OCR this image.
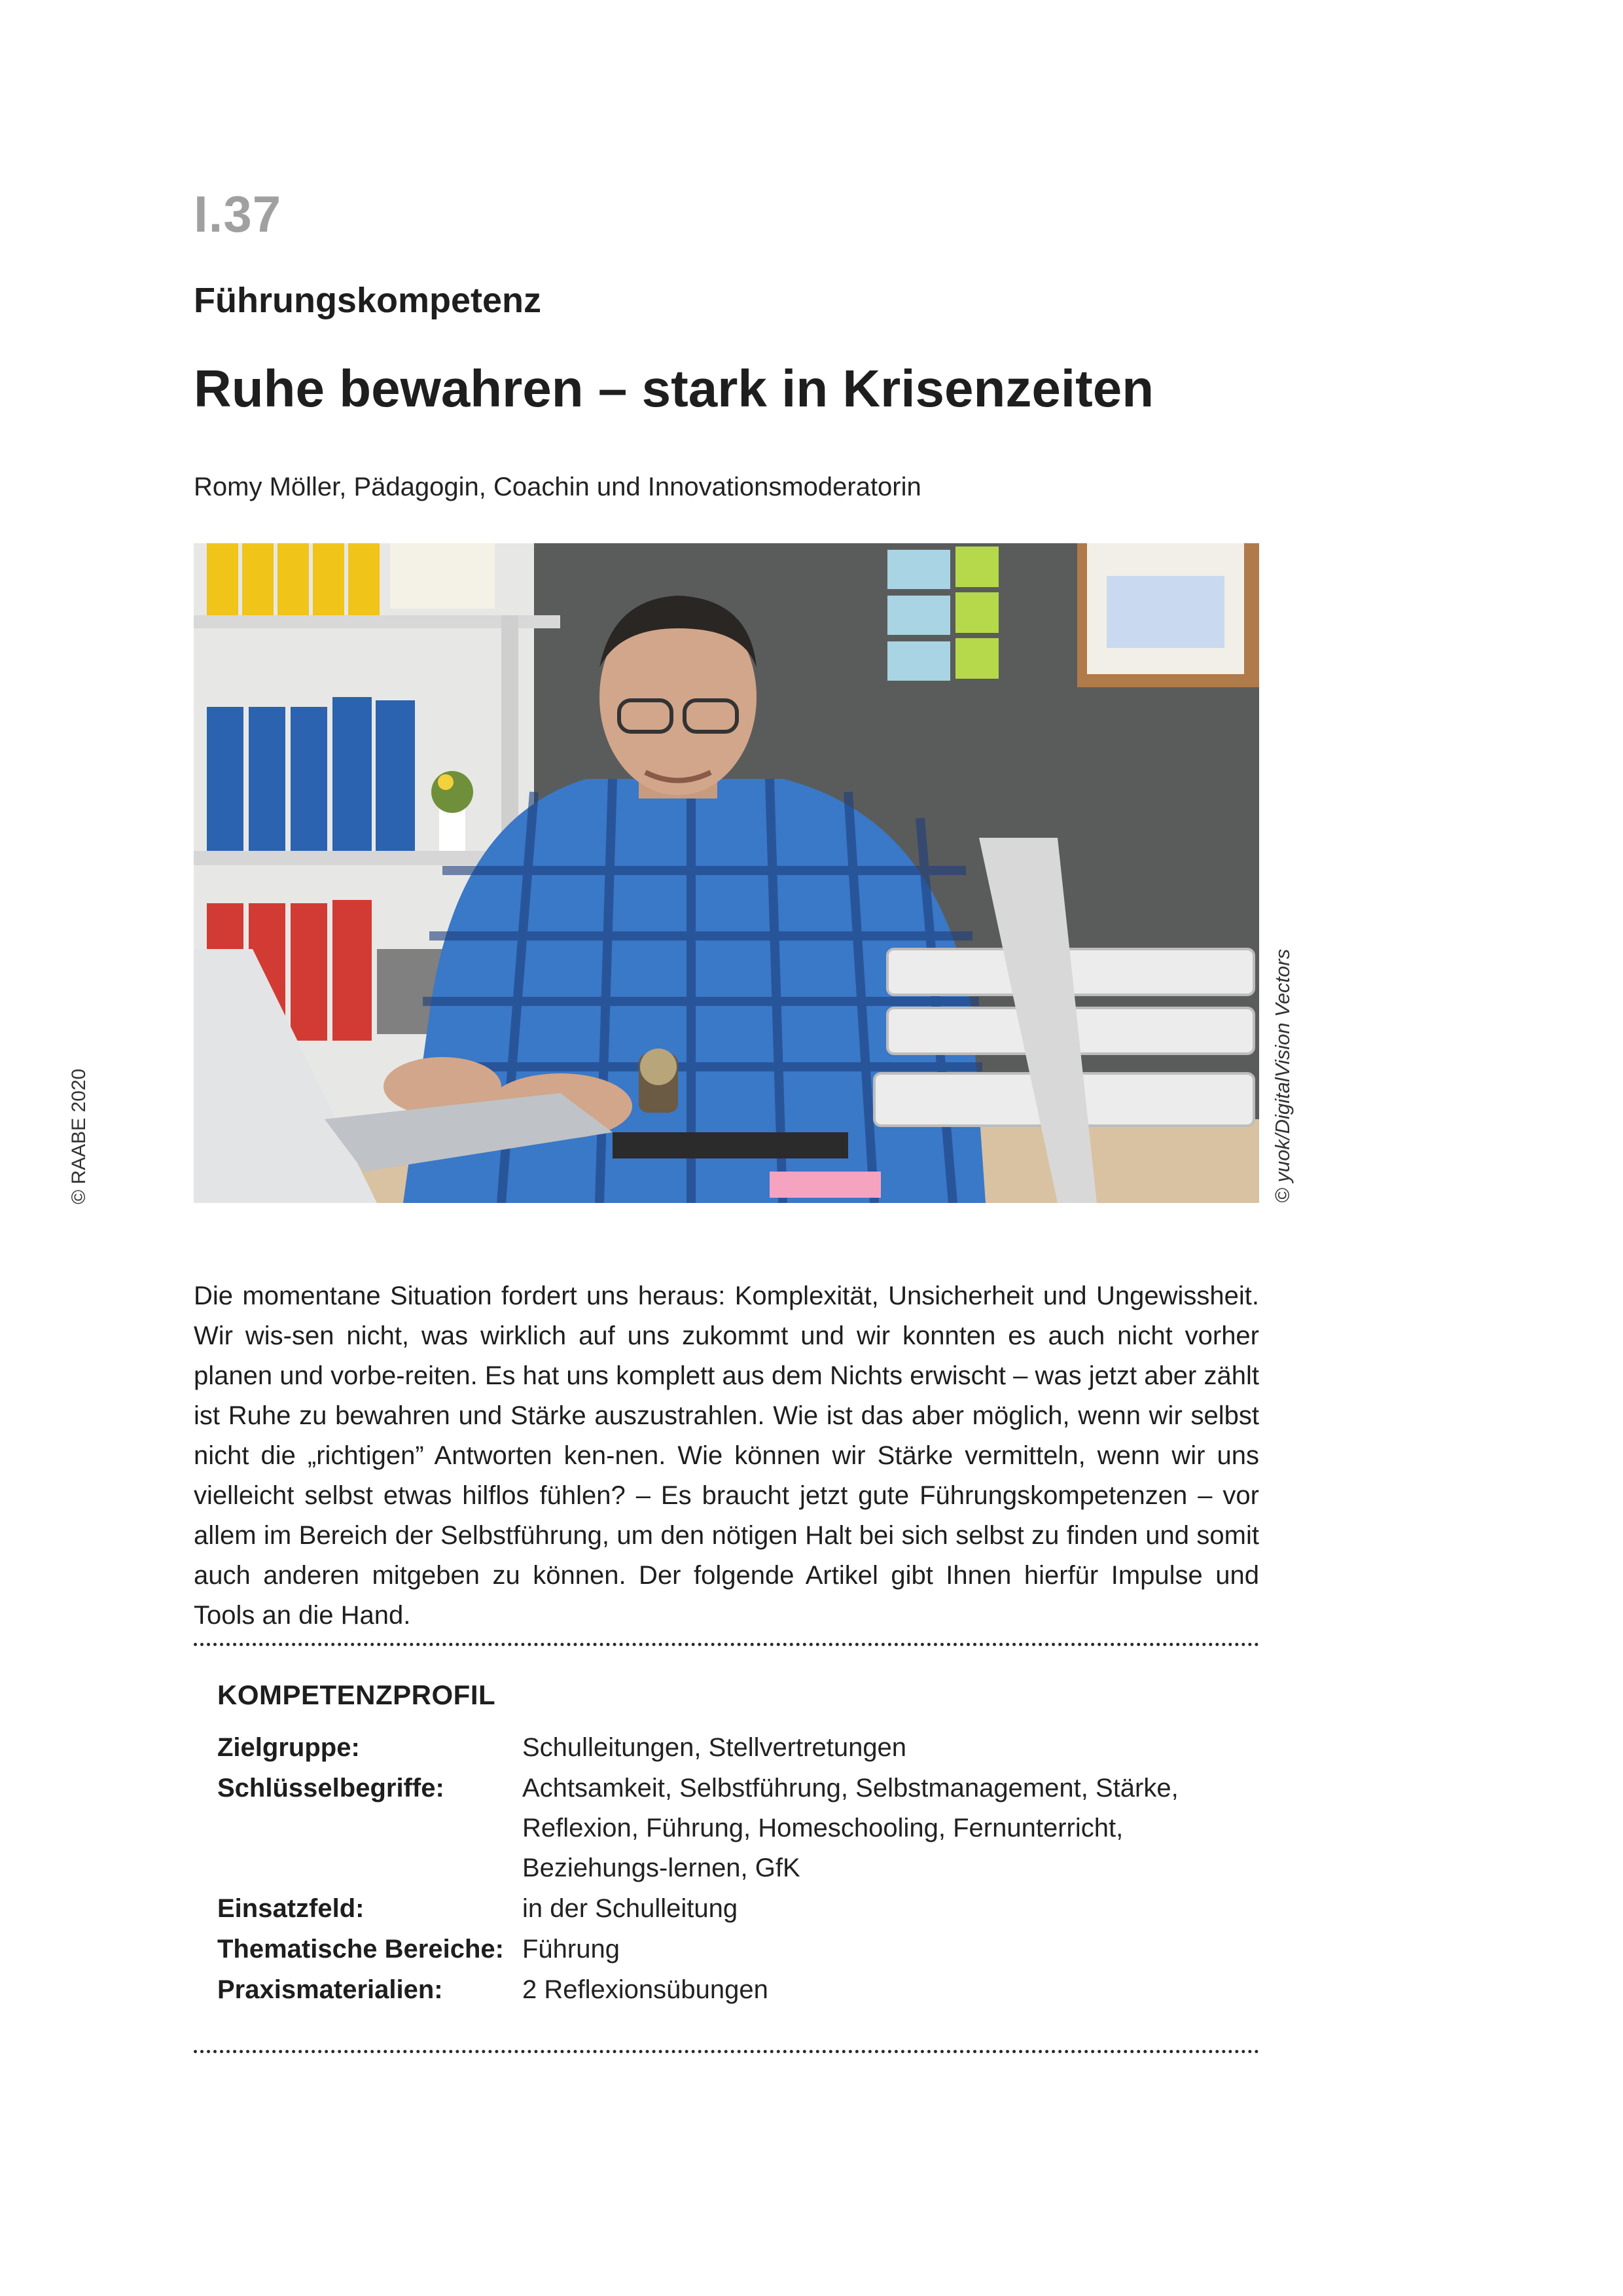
I.37
Führungskompetenz
Ruhe bewahren – stark in Krisenzeiten
Romy Möller, Pädagogin, Coachin und Innovationsmoderatorin
© yuok/DigitalVision Vectors
© RAABE 2020

Die momentane Situation fordert uns heraus: Komplexität, Unsicherheit und Ungewissheit. Wir wis-sen nicht, was wirklich auf uns zukommt und wir konnten es auch nicht vorher planen und vorbe-reiten. Es hat uns komplett aus dem Nichts erwischt – was jetzt aber zählt ist Ruhe zu bewahren und Stärke auszustrahlen. Wie ist das aber möglich, wenn wir selbst nicht die „richtigen” Antworten ken-nen. Wie können wir Stärke vermitteln, wenn wir uns vielleicht selbst etwas hilflos fühlen? – Es braucht jetzt gute Führungskompetenzen – vor allem im Bereich der Selbstführung, um den nötigen Halt bei sich selbst zu finden und somit auch anderen mitgeben zu können. Der folgende Artikel gibt Ihnen hierfür Impulse und Tools an die Hand.

KOMPETENZPROFIL
Zielgruppe:	Schulleitungen, Stellvertretungen
Schlüsselbegriffe:	Achtsamkeit, Selbstführung, Selbstmanagement, Stärke, Reflexion, Führung, Homeschooling, Fernunterricht, Beziehungs-lernen, GfK
Einsatzfeld:	in der Schulleitung
Thematische Bereiche: Führung
Praxismaterialien:	2 Reflexionsübungen
